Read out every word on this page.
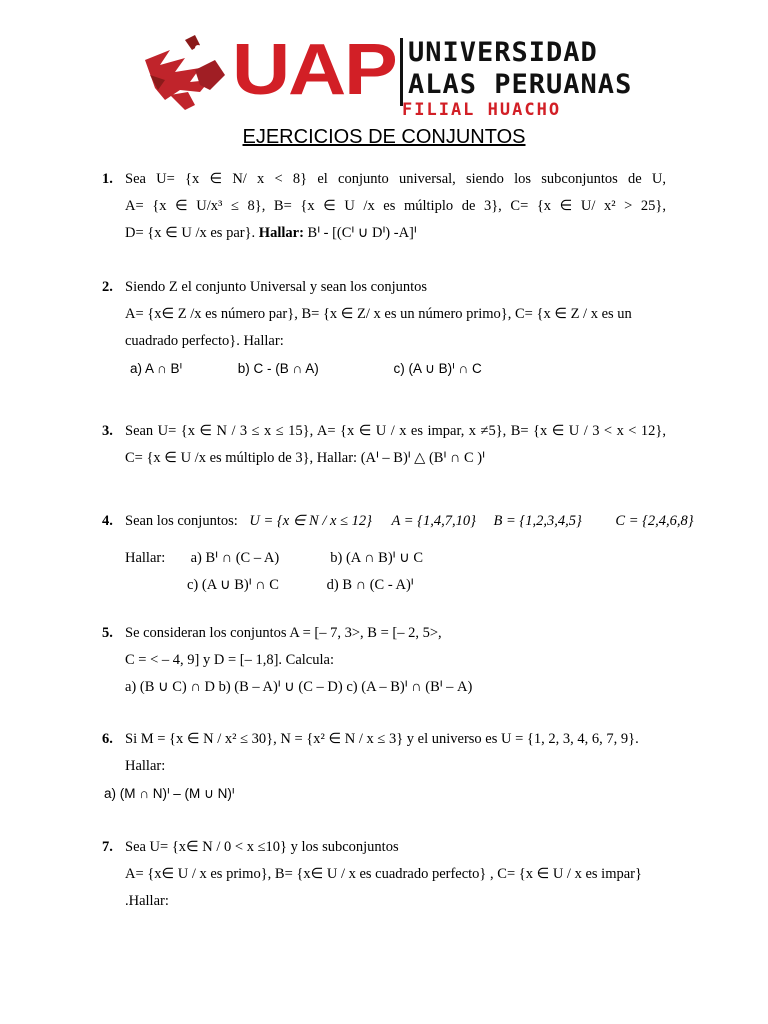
UAP UNIVERSIDAD
ALAS PERUANAS
FILIAL HUACHO
EJERCICIOS DE CONJUNTOS
1. Sea U= {x ∈ N/ x < 8} el conjunto universal, siendo los subconjuntos de U,
A= {x ∈ U/x³ ≤ 8}, B= {x ∈ U /x es múltiplo de 3}, C= {x ∈ U/ x² > 25},
D= {x ∈ U /x es par}. Hallar: Bᑊ - [(Cᑊ ∪ Dᑊ) -A]ᑊ
2. Siendo Z el conjunto Universal y sean los conjuntos
A= {x∈ Z /x es número par}, B= {x ∈ Z/ x es un número primo}, C= {x ∈ Z / x es un
cuadrado perfecto}. Hallar:
a) A ∩ Bᑊ	b) C - (B ∩ A)	c) (A ∪ B)ᑊ ∩ C
3. Sean U= {x ∈ N / 3 ≤ x ≤ 15}, A= {x ∈ U / x es impar, x ≠5}, B= {x ∈ U / 3 < x < 12},
C= {x ∈ U /x es múltiplo de 3}, Hallar: (Aᑊ – B)ᑊ △ (Bᑊ ∩ C )ᑊ
4. Sean los conjuntos: U = {x ∈ N / x ≤ 12} A = {1,4,7,10} B = {1,2,3,4,5} C = {2,4,6,8}
Hallar: a) Bᑊ ∩ (C – A)	b) (A ∩ B)ᑊ ∪ C
c) (A ∪ B)ᑊ ∩ C	d) B ∩ (C - A)ᑊ
5. Se consideran los conjuntos A = [– 7, 3>, B = [– 2, 5>,
C = < – 4, 9] y D = [– 1,8]. Calcula:
a) (B ∪ C) ∩ D b) (B – A)ᑊ ∪ (C – D) c) (A – B)ᑊ ∩ (Bᑊ – A)
6. Si M = {x ∈ N / x² ≤ 30}, N = {x² ∈ N / x ≤ 3} y el universo es U = {1, 2, 3, 4, 6, 7, 9}.
Hallar:
a) (M ∩ N)ᑊ – (M ∪ N)ᑊ
7. Sea U= {x∈ N / 0 < x ≤10} y los subconjuntos
A= {x∈ U / x es primo}, B= {x∈ U / x es cuadrado perfecto} , C= {x ∈ U / x es impar}
.Hallar:
